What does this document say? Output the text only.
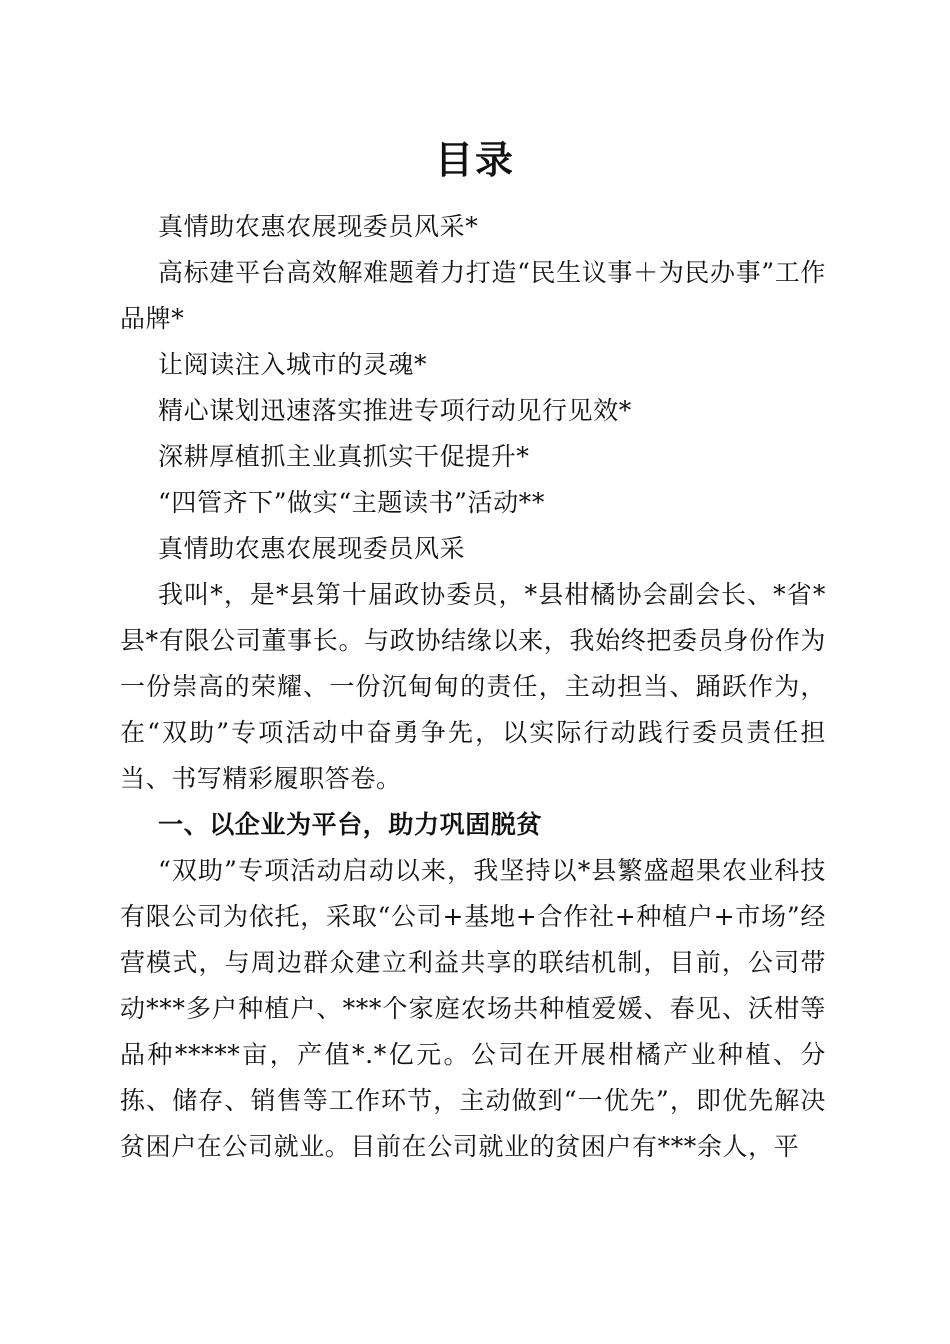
目录

真情助农惠农展现委员风采*

高标建平台高效解难题着力打造“民生议事＋为民办事”工作品牌*

让阅读注入城市的灵魂*

精心谋划迅速落实推进专项行动见行见效*

深耕厚植抓主业真抓实干促提升*

“四管齐下”做实“主题读书”活动**

真情助农惠农展现委员风采

我叫*，是*县第十届政协委员，*县柑橘协会副会长、*省*县*有限公司董事长。与政协结缘以来，我始终把委员身份作为一份崇高的荣耀、一份沉甸甸的责任，主动担当、踊跃作为，在“双助”专项活动中奋勇争先，以实际行动践行委员责任担当、书写精彩履职答卷。

一、以企业为平台，助力巩固脱贫

“双助”专项活动启动以来，我坚持以*县繁盛超果农业科技有限公司为依托，采取“公司+基地+合作社+种植户+市场”经营模式，与周边群众建立利益共享的联结机制，目前，公司带动***多户种植户、***个家庭农场共种植爱媛、春见、沃柑等品种*****亩，产值*.*亿元。公司在开展柑橘产业种植、分拣、储存、销售等工作环节，主动做到“一优先”，即优先解决贫困户在公司就业。目前在公司就业的贫困户有***余人，平
